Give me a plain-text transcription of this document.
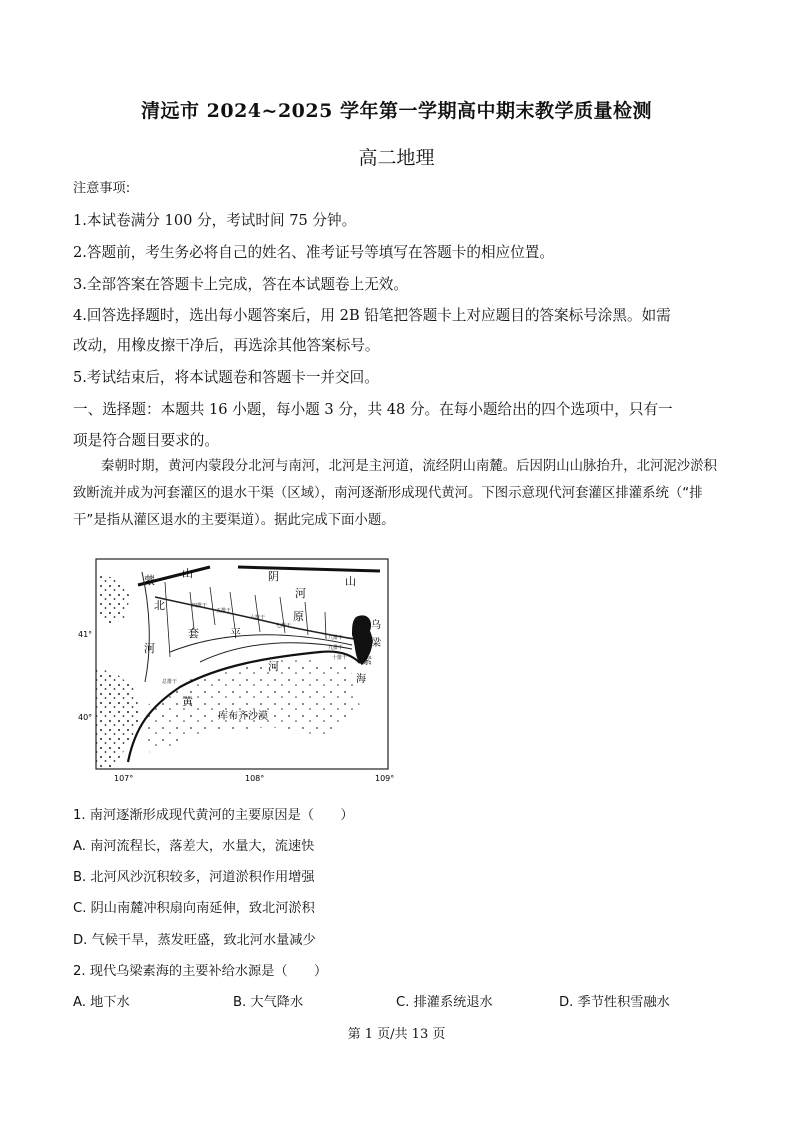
清远市 2024~2025 学年第一学期高中期末教学质量检测
高二地理
注意事项:
1.本试卷满分 100 分，考试时间 75 分钟。
2.答题前，考生务必将自己的姓名、准考证号等填写在答题卡的相应位置。
3.全部答案在答题卡上完成，答在本试题卷上无效。
4.回答选择题时，选出每小题答案后，用 2B 铅笔把答题卡上对应题目的答案标号涂黑。如需
改动，用橡皮擦干净后，再选涂其他答案标号。
5.考试结束后，将本试题卷和答题卡一并交回。
一、选择题：本题共 16 小题，每小题 3 分，共 48 分。在每小题给出的四个选项中，只有一
项是符合题目要求的。
秦朝时期，黄河内蒙段分北河与南河，北河是主河道，流经阴山南麓。后因阴山山脉抬升，北河泥沙淤积致断流并成为河套灌区的退水干渠（区域），南河逐渐形成现代黄河。下图示意现代河套灌区排灌系统（“排干”是指从灌区退水的主要渠道）。据此完成下面小题。
蒙
山	阴	山
北
河
套	平
原
河
河
黄
库布齐沙漠
乌
梁
素
海
41°
40°
107°	108°	109°
八排干
九排干
十排干
五排干
六排干
七排干
总排干
四排干
1. 南河逐渐形成现代黄河的主要原因是（　　）
A. 南河流程长，落差大，水量大，流速快
B. 北河风沙沉积较多，河道淤积作用增强
C. 阴山南麓冲积扇向南延伸，致北河淤积
D. 气候干旱，蒸发旺盛，致北河水量减少
2. 现代乌梁素海的主要补给水源是（　　）
A. 地下水	B. 大气降水	C. 排灌系统退水	D. 季节性积雪融水
第 1 页/共 13 页
